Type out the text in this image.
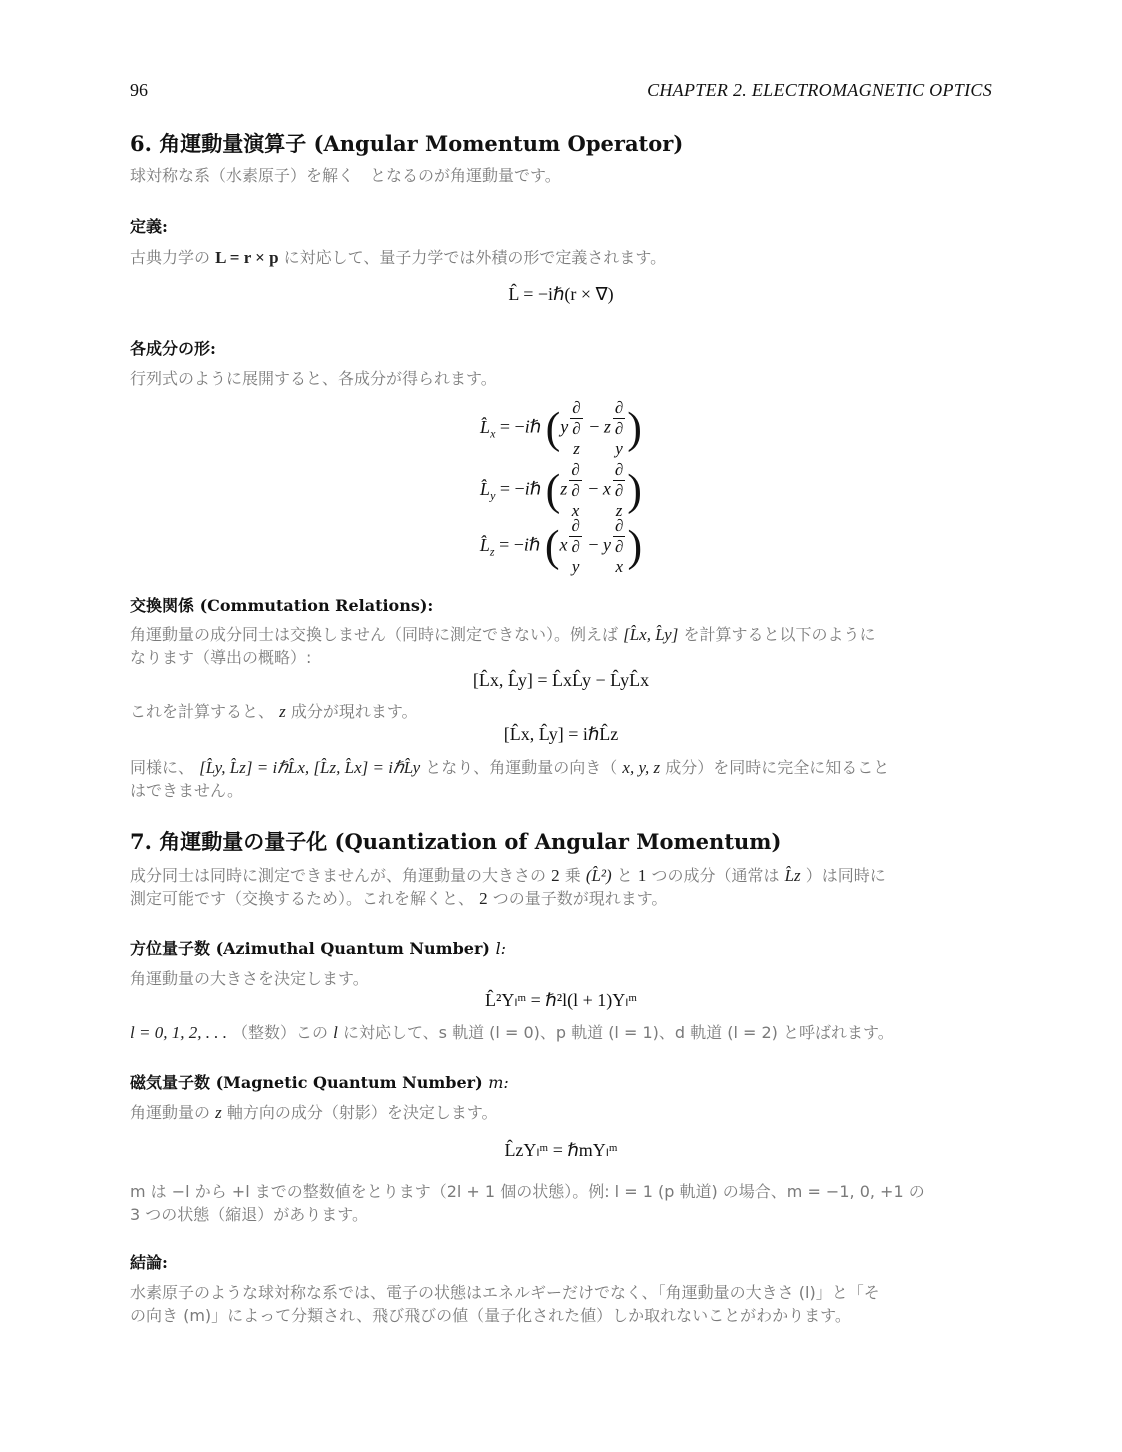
96	CHAPTER 2. ELECTROMAGNETIC OPTICS
6. 角運動量演算子 (Angular Momentum Operator)
球対称な系（水素原子）を解く　となるのが角運動量です。
定義:
古典力学の L = r × p に対応して、量子力学では外積の形で定義されます。
L̂ = −iℏ(r × ∇)
各成分の形:
行列式のように展開すると、各成分が得られます。
$L̂_x$ = −iℏ (y ∂
∂
z − z ∂
∂
y )
$L̂_y$ = −iℏ (z ∂
∂
x − x ∂
∂
z )
$L̂_z$ = −iℏ (x ∂
∂
y − y ∂
∂
x )
交換関係 (Commutation Relations):
角運動量の成分同士は交換しません（同時に測定できない）。例えば [L̂x, L̂y] を計算すると以下のように
なります（導出の概略）:
[L̂x, L̂y] = L̂xL̂y − L̂yL̂x
これを計算すると、 z 成分が現れます。
[L̂x, L̂y] = iℏL̂z
同様に、 [L̂y, L̂z] = iℏL̂x, [L̂z, L̂x] = iℏL̂y となり、角運動量の向き（ x, y, z 成分）を同時に完全に知ること
はできません。
7. 角運動量の量子化 (Quantization of Angular Momentum)
成分同士は同時に測定できませんが、角運動量の大きさの 2 乗 (L̂²) と 1 つの成分（通常は L̂z ）は同時に
測定可能です（交換するため）。これを解くと、 2 つの量子数が現れます。
方位量子数 (Azimuthal Quantum Number) l:
角運動量の大きさを決定します。
L̂²Yₗᵐ = ℏ²l(l + 1)Yₗᵐ
l = 0, 1, 2, . . . （整数）この l に対応して、s 軌道 (l = 0)、p 軌道 (l = 1)、d 軌道 (l = 2) と呼ばれます。
磁気量子数 (Magnetic Quantum Number) m:
角運動量の z 軸方向の成分（射影）を決定します。
L̂zYₗᵐ = ℏmYₗᵐ
m は −l から +l までの整数値をとります（2l + 1 個の状態）。例: l = 1 (p 軌道) の場合、m = −1, 0, +1 の
3 つの状態（縮退）があります。
結論:
水素原子のような球対称な系では、電子の状態はエネルギーだけでなく、「角運動量の大きさ (l)」と「そ
の向き (m)」によって分類され、飛び飛びの値（量子化された値）しか取れないことがわかります。
